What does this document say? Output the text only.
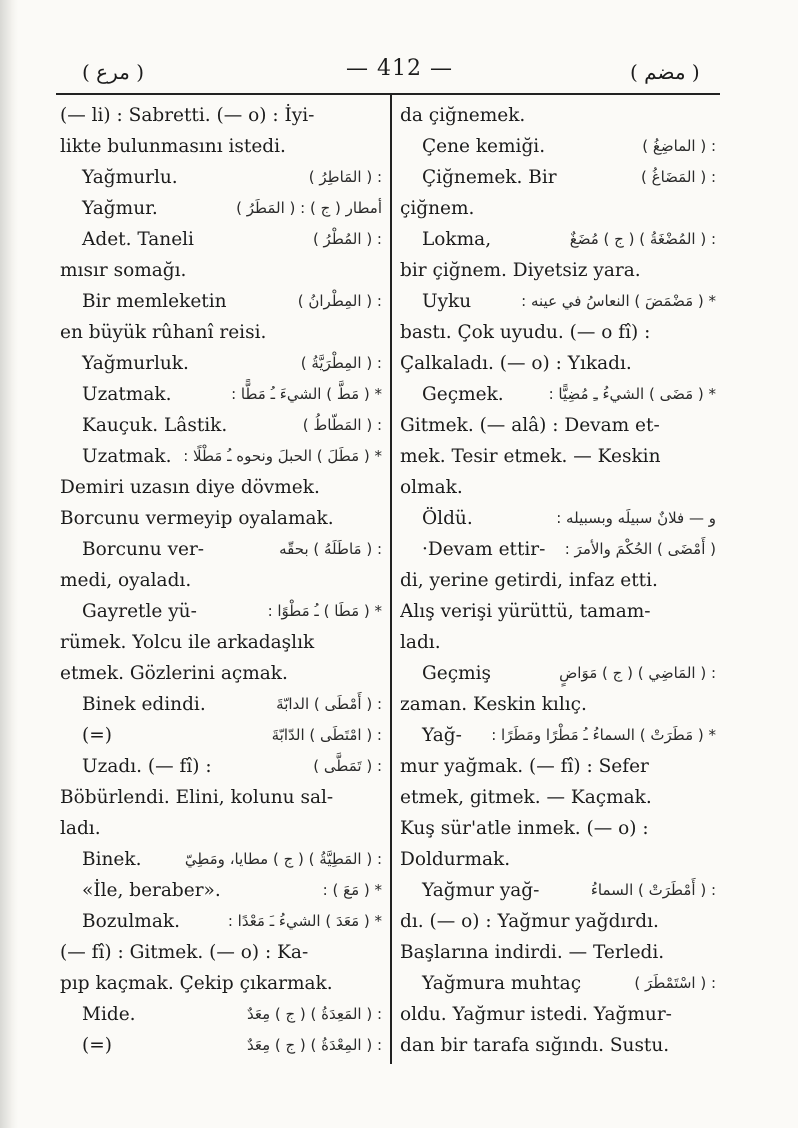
( مرع )	— 412 —	( مضم )
(— li) : Sabretti. (— o) : İyi-
likte bulunmasını istedi.
Yağmurlu.	: ( المَاطِرُ )
Yağmur.	أمطار ( ج ) : ( المَطَرُ )
Adet. Taneli	: ( المُطْرُ )
mısır somağı.
Bir memleketin	: ( المِطْرانُ )
en büyük rûhanî reisi.
Yağmurluk.	: ( المِطْرَيَّةُ )
Uzatmak.	* ( مَطَّ ) الشيءَ ـُ مَطًّا :
Kauçuk. Lâstik.	: ( المَطّاطُ )
Uzatmak. * ( مَطَلَ ) الحبلَ ونحوه ـُ مَطْلًا :
Demiri uzasın diye dövmek.
Borcunu vermeyip oyalamak.
Borcunu ver-	: ( مَاطَلَهُ ) بحقّه
medi, oyaladı.
Gayretle yü-	* ( مَطَا ) ـُ مَطْوًا :
rümek. Yolcu ile arkadaşlık
etmek. Gözlerini açmak.
Binek edindi.	: ( أَمْطَى ) الدابّةَ
(=)	: ( امْتَطَى ) الدّابّةَ
Uzadı. (— fî) :	: ( تَمَطَّى )
Böbürlendi. Elini, kolunu sal-
ladı.
Binek.	: ( المَطِيَّةُ ) ( ج ) مطايا، ومَطِيّ
«İle, beraber».	* ( مَعَ ) :
Bozulmak.	* ( مَعَدَ ) الشيءُ ـَ مَعْدًا :
(— fî) : Gitmek. (— o) : Ka-
pıp kaçmak. Çekip çıkarmak.
Mide.	: ( المَعِدَةُ ) ( ج ) مِعَدٌ
(=)	: ( المِعْدَةُ ) ( ج ) مِعَدٌ
da çiğnemek.
Çene kemiği.	: ( الماضِغُ )
Çiğnemek. Bir	: ( المَضَاغُ )
çiğnem.
Lokma,	: ( المُضْغَةُ ) ( ج ) مُضَغٌ
bir çiğnem. Diyetsiz yara.
Uyku	* ( مَضْمَضَ ) النعاسُ في عينه :
bastı. Çok uyudu. (— o fî) :
Çalkaladı. (— o) : Yıkadı.
Geçmek.	* ( مَضَى ) الشيءُ ـِ مُضِيًّا :
Gitmek. (— alâ) : Devam et-
mek. Tesir etmek. — Keskin
olmak.
Öldü.	و — فلانٌ سبيلَه وبسبيله :
·Devam ettir- ( أَمْضَى ) الحُكْمَ والأمرَ :
di, yerine getirdi, infaz etti.
Alış verişi yürüttü, tamam-
ladı.
Geçmiş	: ( المَاضِي ) ( ج ) مَوَاضٍ
zaman. Keskin kılıç.
Yağ- * ( مَطَرَتْ ) السماءُ ـُ مَطْرًا ومَطَرًا :
mur yağmak. (— fî) : Sefer
etmek, gitmek. — Kaçmak.
Kuş sür'atle inmek. (— o) :
Doldurmak.
Yağmur yağ-	: ( أَمْطَرَتْ ) السماءُ
dı. (— o) : Yağmur yağdırdı.
Başlarına indirdi. — Terledi.
Yağmura muhtaç	: ( اسْتَمْطَرَ )
oldu. Yağmur istedi. Yağmur-
dan bir tarafa sığındı. Sustu.
